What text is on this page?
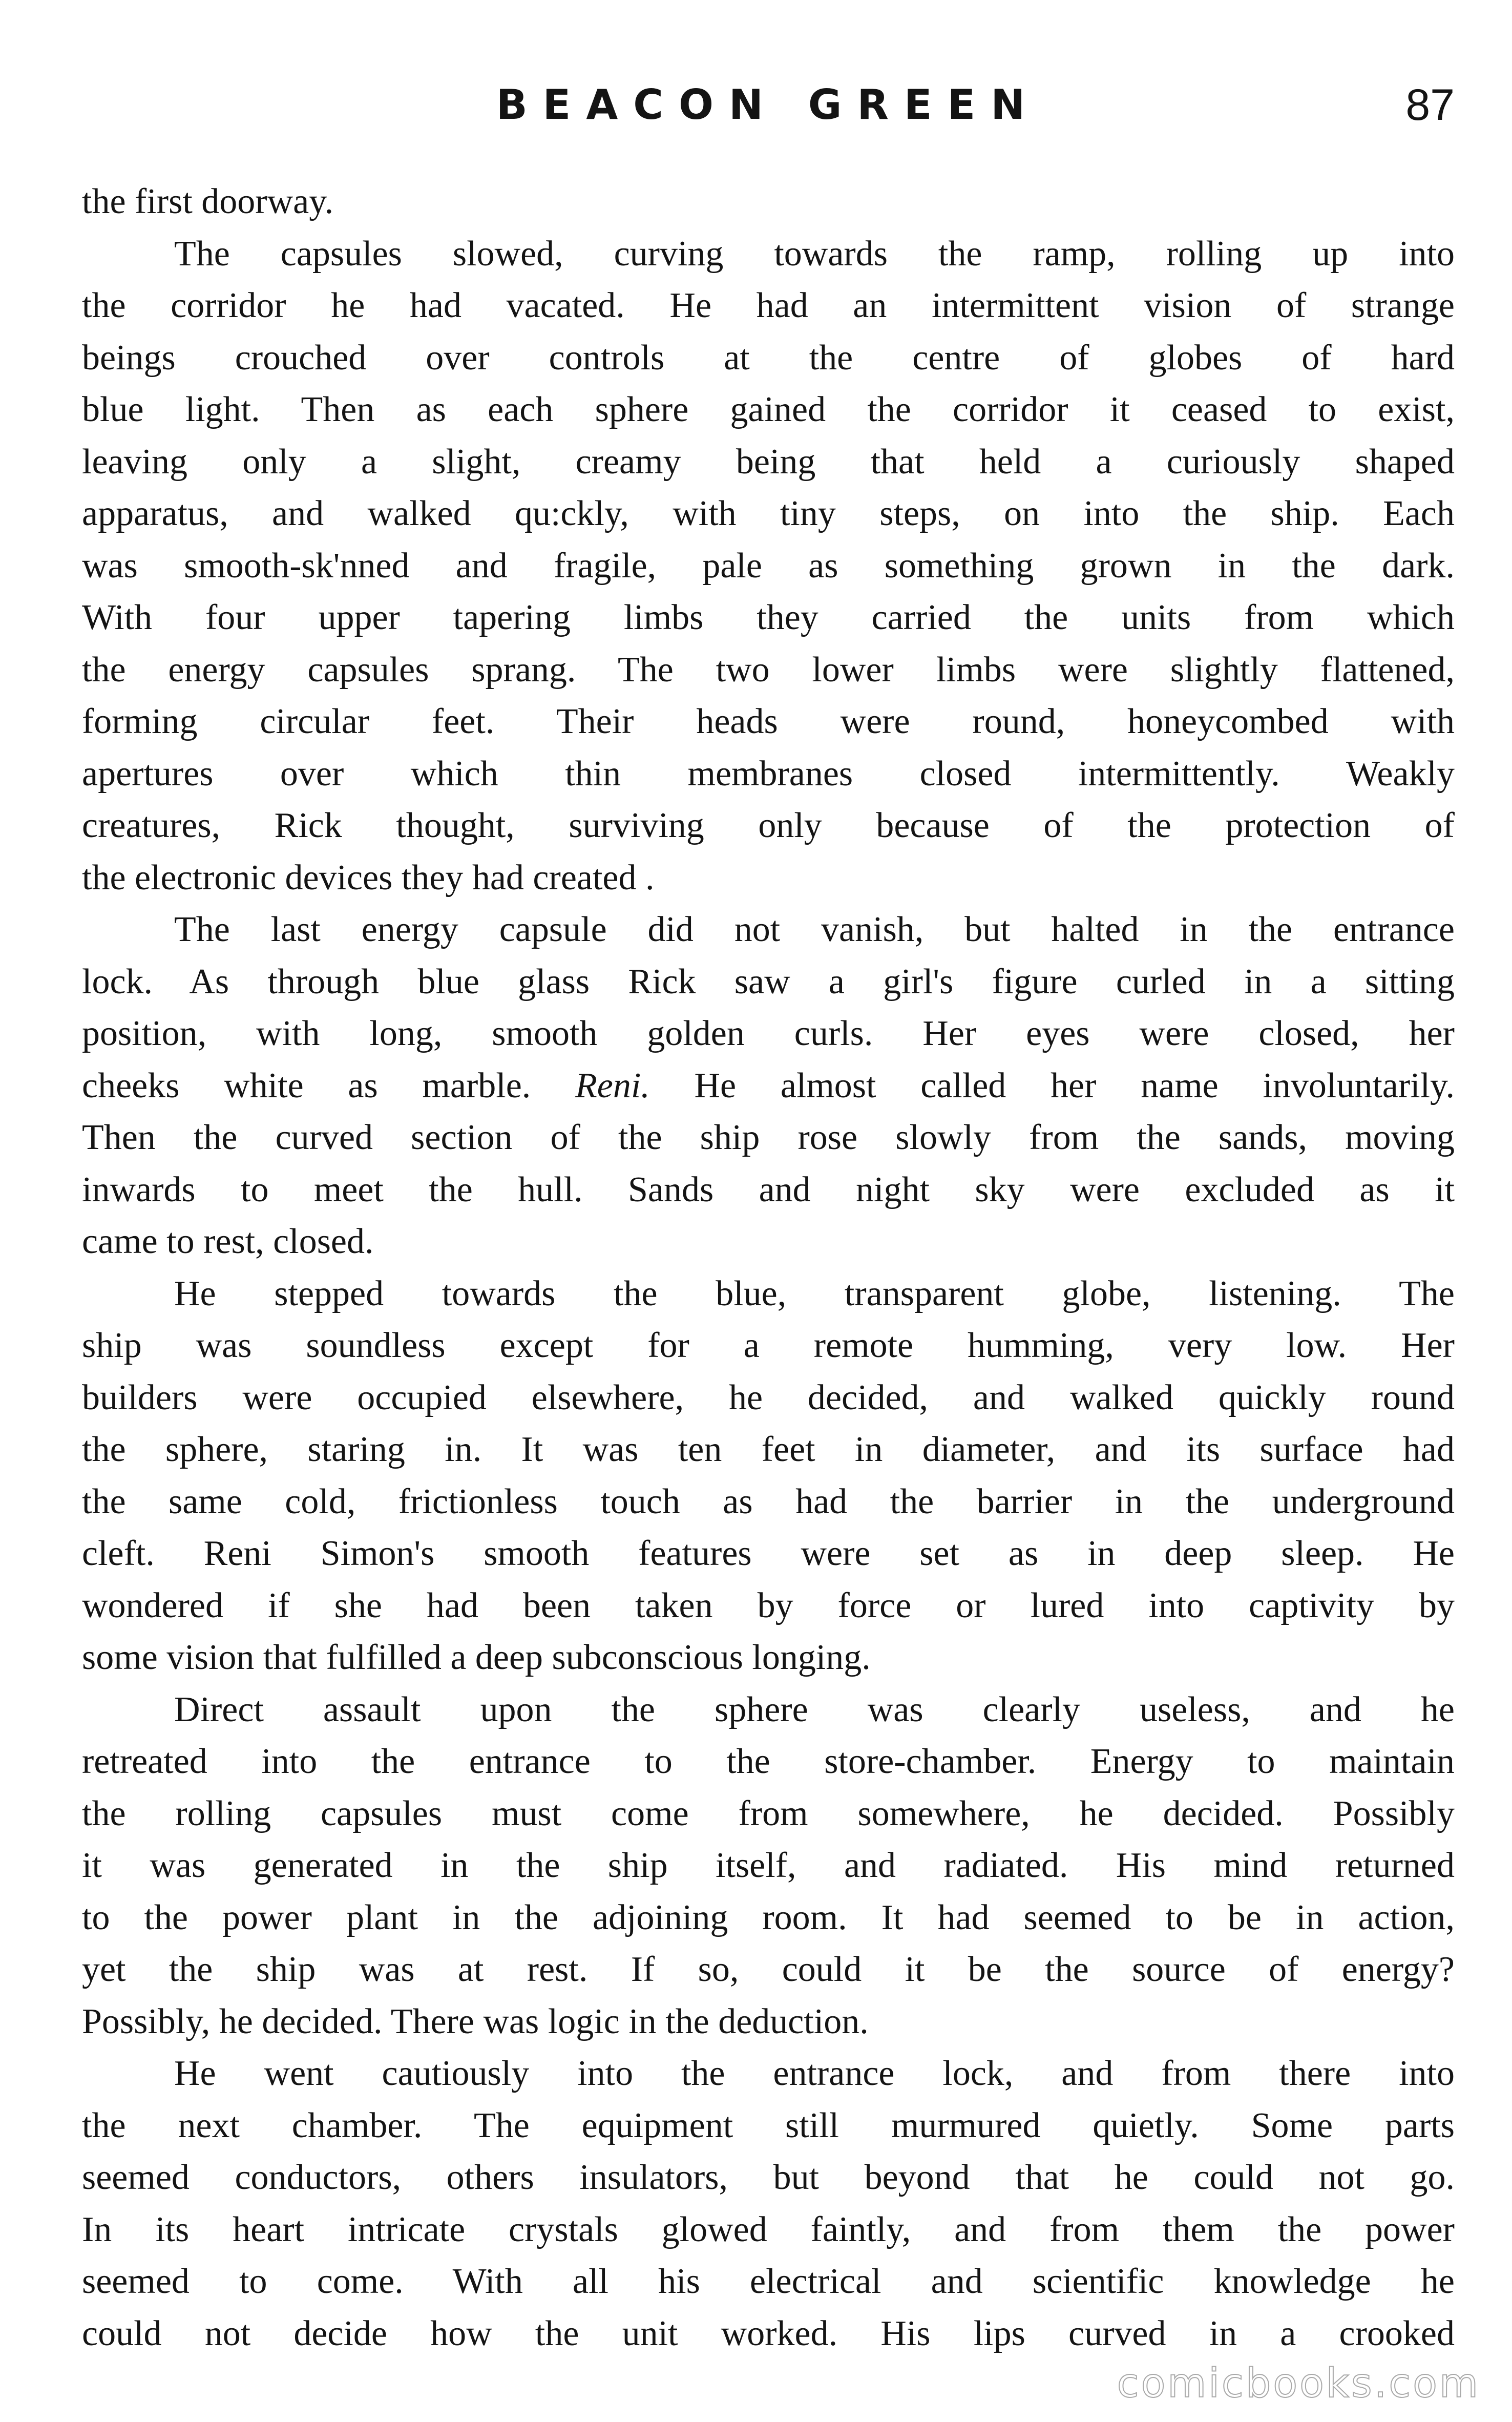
BEACON GREEN	87
the first doorway.
The capsules slowed, curving towards the ramp, rolling up into
the corridor he had vacated. He had an intermittent vision of strange
beings crouched over controls at the centre of globes of hard
blue light. Then as each sphere gained the corridor it ceased to exist,
leaving only a slight, creamy being that held a curiously shaped
apparatus, and walked qu:ckly, with tiny steps, on into the ship. Each
was smooth-sk'nned and fragile, pale as something grown in the dark.
With four upper tapering limbs they carried the units from which
the energy capsules sprang. The two lower limbs were slightly flattened,
forming circular feet. Their heads were round, honeycombed with
apertures over which thin membranes closed intermittently. Weakly
creatures, Rick thought, surviving only because of the protection of
the electronic devices they had created .
The last energy capsule did not vanish, but halted in the entrance
lock. As through blue glass Rick saw a girl's figure curled in a sitting
position, with long, smooth golden curls. Her eyes were closed, her
cheeks white as marble. Reni. He almost called her name involuntarily.
Then the curved section of the ship rose slowly from the sands, moving
inwards to meet the hull. Sands and night sky were excluded as it
came to rest, closed.
He stepped towards the blue, transparent globe, listening. The
ship was soundless except for a remote humming, very low. Her
builders were occupied elsewhere, he decided, and walked quickly round
the sphere, staring in. It was ten feet in diameter, and its surface had
the same cold, frictionless touch as had the barrier in the underground
cleft. Reni Simon's smooth features were set as in deep sleep. He
wondered if she had been taken by force or lured into captivity by
some vision that fulfilled a deep subconscious longing.
Direct assault upon the sphere was clearly useless, and he
retreated into the entrance to the store-chamber. Energy to maintain
the rolling capsules must come from somewhere, he decided. Possibly
it was generated in the ship itself, and radiated. His mind returned
to the power plant in the adjoining room. It had seemed to be in action,
yet the ship was at rest. If so, could it be the source of energy?
Possibly, he decided. There was logic in the deduction.
He went cautiously into the entrance lock, and from there into
the next chamber. The equipment still murmured quietly. Some parts
seemed conductors, others insulators, but beyond that he could not go.
In its heart intricate crystals glowed faintly, and from them the power
seemed to come. With all his electrical and scientific knowledge he
could not decide how the unit worked. His lips curved in a crooked
comicbooks.com
